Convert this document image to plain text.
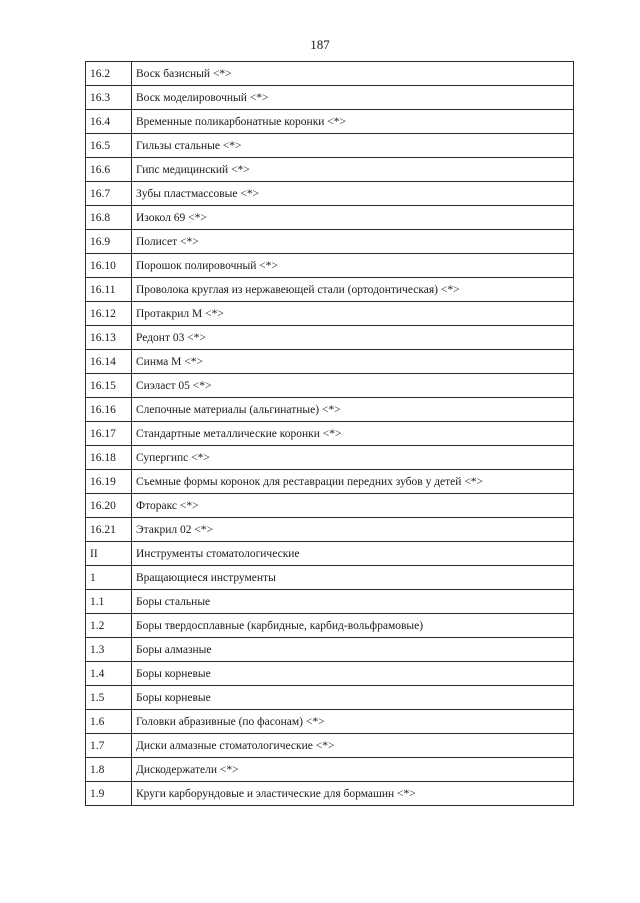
187
16.2	Воск базисный <*>
16.3	Воск моделировочный <*>
16.4	Временные поликарбонатные коронки <*>
16.5	Гильзы стальные <*>
16.6	Гипс медицинский <*>
16.7	Зубы пластмассовые <*>
16.8	Изокол 69 <*>
16.9	Полисет <*>
16.10	Порошок полировочный <*>
16.11	Проволока круглая из нержавеющей стали (ортодонтическая) <*>
16.12	Протакрил М <*>
16.13	Редонт 03 <*>
16.14	Синма М <*>
16.15	Сиэласт 05 <*>
16.16	Слепочные материалы (альгинатные) <*>
16.17	Стандартные металлические коронки <*>
16.18	Супергипс <*>
16.19	Съемные формы коронок для реставрации передних зубов у детей <*>
16.20	Фторакс <*>
16.21	Этакрил 02 <*>
II	Инструменты стоматологические
1	Вращающиеся инструменты
1.1	Боры стальные
1.2	Боры твердосплавные (карбидные, карбид-вольфрамовые)
1.3	Боры алмазные
1.4	Боры корневые
1.5	Боры корневые
1.6	Головки абразивные (по фасонам) <*>
1.7	Диски алмазные стоматологические <*>
1.8	Дискодержатели <*>
1.9	Круги карборундовые и эластические для бормашин <*>
